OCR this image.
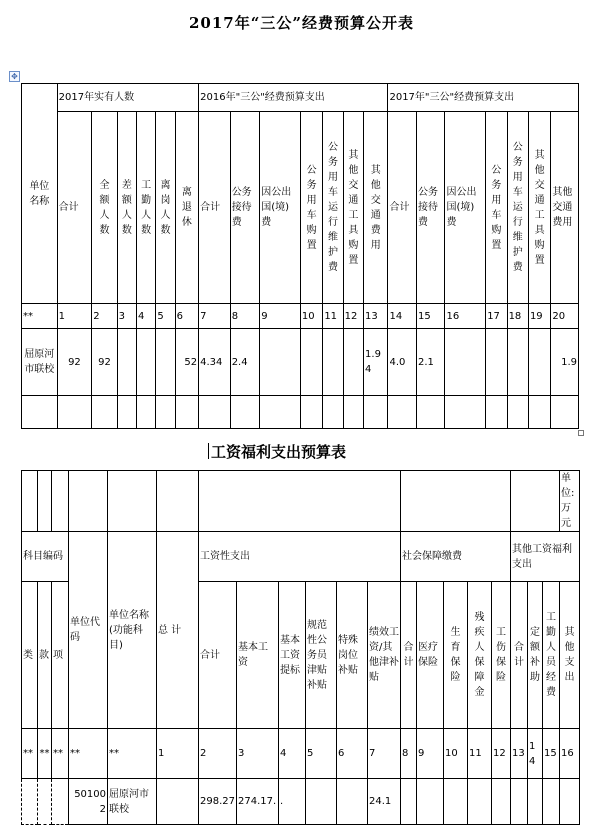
2017年“三公”经费预算公开表
✥
单位名称	2017年实有人数						2016年"三公"经费预算支出							2017年"三公"经费预算支出						
	合计	全额人数	差额人数	工勤人数	离岗人数	离退休	合计	公务接待费	因公出国(境)费	公务用车购置	公务用车运行维护费	其他交通工具购置	其他交通费用	合计	公务接待费	因公出国(境)费	公务用车购置	公务用车运行维护费	其他交通工具购置	其他交通费用
**	1	2	3	4	5	6	7	8	9	10	11	12	13	14	15	16	17	18	19	20

屈原河市联校	92	92				52	4.34	2.4					1.94	4.0	2.1					1.9

工资福利支出预算表
																				单位:万元
科目编码			单位代码	单位名称(功能科目)	总 计	工资性支出						社会保障缴费					其他工资福利支出			
类	款	项				合计	基本工资	基本工资提标	规范性公务员津贴补贴	特殊岗位补贴	绩效工资/其他津补贴	合计	医疗保险	生育保险	残疾人保障金	工伤保险	合计	定额补助	工勤人员经费	其他支出

**	**	**	**	**	1	2	3	4	5	6	7	8	9	10	11	12	13	14	15	16
			501002	屈原河市联校		298.27	274.17.	.			24.1									
